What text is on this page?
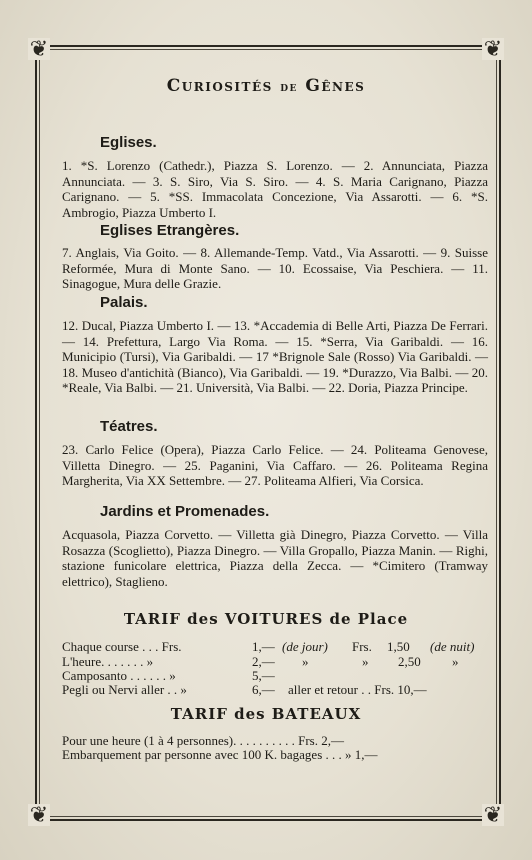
❦	❦
❦	❦
Curiosités de Gênes
Eglises.
1. *S. Lorenzo (Cathedr.), Piazza S. Lorenzo. — 2. Annunciata, Piazza Annunciata. — 3. S. Siro, Via S. Siro. — 4. S. Maria Carignano, Piazza Carignano. — 5. *SS. Immacolata Concezione, Via Assarotti. — 6. *S. Ambrogio, Piazza Umberto I.
Eglises Etrangères.
7. Anglais, Via Goito. — 8. Allemande-Temp. Vatd., Via Assarotti. — 9. Suisse Reformée, Mura di Monte Sano. — 10. Ecossaise, Via Peschiera. — 11. Sinagogue, Mura delle Grazie.
Palais.
12. Ducal, Piazza Umberto I. — 13. *Accademia di Belle Arti, Piazza De Ferrari. — 14. Prefettura, Largo Via Roma. — 15. *Serra, Via Garibaldi. — 16. Municipio (Tursi), Via Garibaldi. — 17 *Brignole Sale (Rosso) Via Garibaldi. — 18. Museo d'antichità (Bianco), Via Garibaldi. — 19. *Durazzo, Via Balbi. — 20. *Reale, Via Balbi. — 21. Università, Via Balbi. — 22. Doria, Piazza Principe.
Téatres.
23. Carlo Felice (Opera), Piazza Carlo Felice. — 24. Politeama Genovese, Villetta Dinegro. — 25. Paganini, Via Caffaro. — 26. Politeama Regina Margherita, Via XX Settembre. — 27. Politeama Alfieri, Via Corsica.
Jardins et Promenades.
Acquasola, Piazza Corvetto. — Villetta già Dinegro, Piazza Corvetto. — Villa Rosazza (Scoglietto), Piazza Dinegro. — Villa Gropallo, Piazza Manin. — Righi, stazione funicolare elettrica, Piazza della Zecca. — *Cimitero (Tramway elettrico), Staglieno.
TARIF des VOITURES de Place
Chaque course . . . Frs.	1,— (de jour) Frs. 1,50 (de nuit)
L'heure. . . . . . . »	2,— »	» 2,50 »
Camposanto . . . . . . »	5,—
Pegli ou Nervi aller . . »	6,— aller et retour . . Frs. 10,—
TARIF des BATEAUX
Pour une heure (1 à 4 personnes). . . . . . . . . . Frs. 2,—
Embarquement par personne avec 100 K. bagages . . . » 1,—
